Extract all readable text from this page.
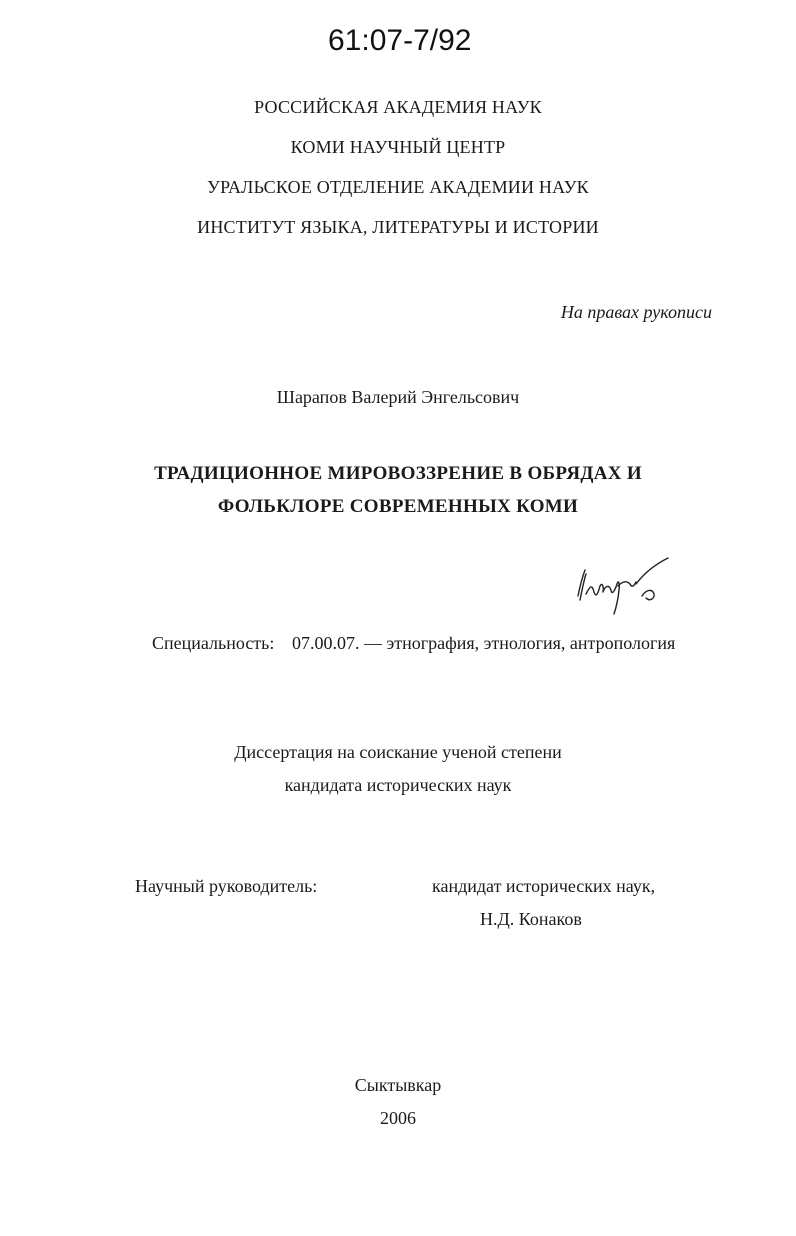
61:07-7/92
РОССИЙСКАЯ АКАДЕМИЯ НАУК
КОМИ НАУЧНЫЙ ЦЕНТР
УРАЛЬСКОЕ ОТДЕЛЕНИЕ АКАДЕМИИ НАУК
ИНСТИТУТ ЯЗЫКА, ЛИТЕРАТУРЫ И ИСТОРИИ
На правах рукописи
Шарапов Валерий Энгельсович
ТРАДИЦИОННОЕ МИРОВОЗЗРЕНИЕ В ОБРЯДАХ И
ФОЛЬКЛОРЕ СОВРЕМЕННЫХ КОМИ
Специальность: 07.00.07. — этнография, этнология, антропология
Диссертация на соискание ученой степени
кандидата исторических наук
Научный руководитель:	кандидат исторических наук,
Н.Д. Конаков
Сыктывкар
2006
